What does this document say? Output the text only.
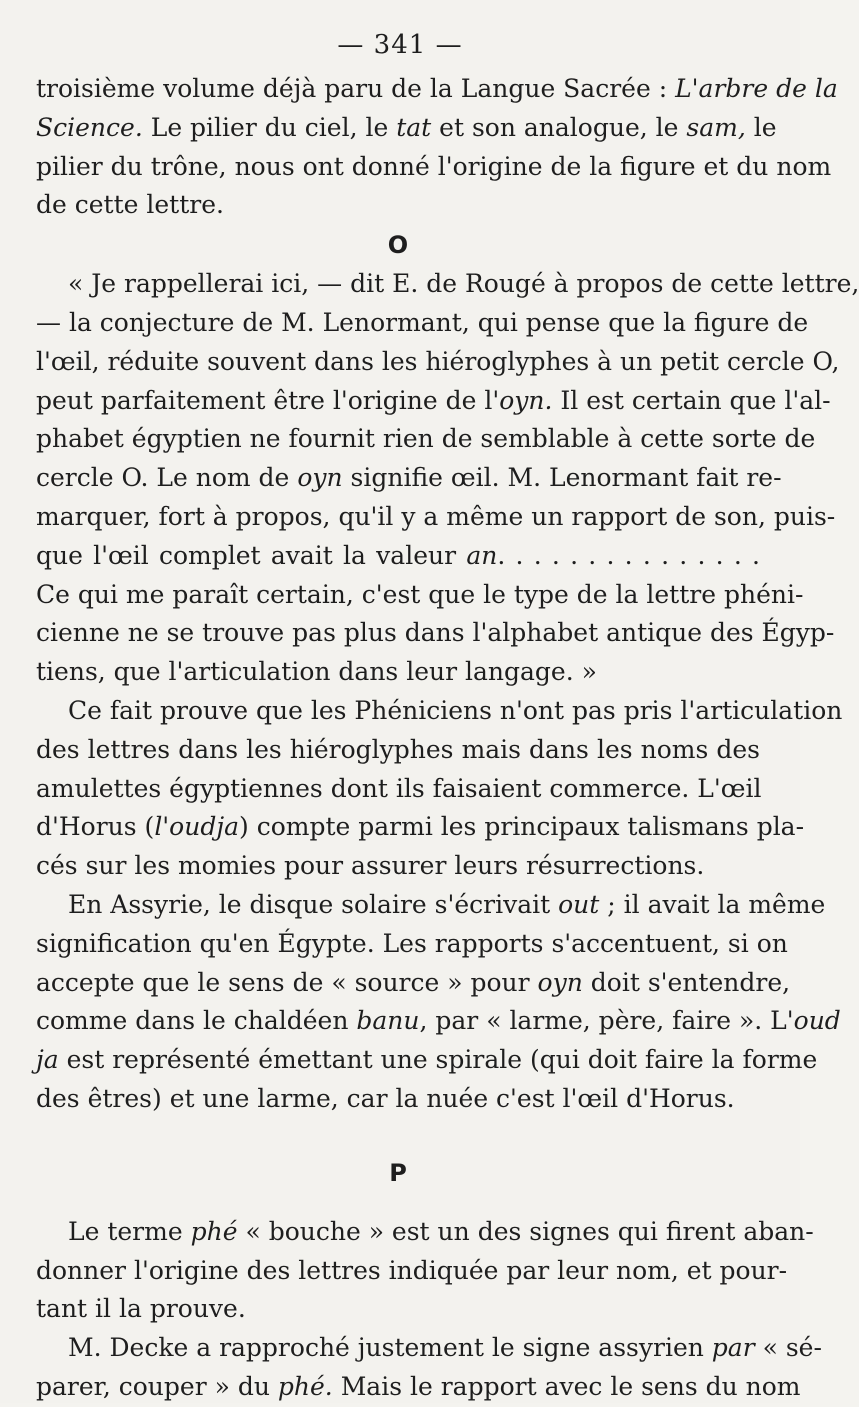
— 341 —
troisième volume déjà paru de la Langue Sacrée : L'arbre de la
Science. Le pilier du ciel, le tat et son analogue, le sam, le
pilier du trône, nous ont donné l'origine de la figure et du nom
de cette lettre.
O
« Je rappellerai ici, — dit E. de Rougé à propos de cette lettre,
— la conjecture de M. Lenormant, qui pense que la figure de
l'œil, réduite souvent dans les hiéroglyphes à un petit cercle O,
peut parfaitement être l'origine de l'oyn. Il est certain que l'al-
phabet égyptien ne fournit rien de semblable à cette sorte de
cercle O. Le nom de oyn signifie œil. M. Lenormant fait re-
marquer, fort à propos, qu'il y a même un rapport de son, puis-
que l'œil complet avait la valeur an. . . . . . . . . . . . . . .
Ce qui me paraît certain, c'est que le type de la lettre phéni-
cienne ne se trouve pas plus dans l'alphabet antique des Égyp-
tiens, que l'articulation dans leur langage. »
Ce fait prouve que les Phéniciens n'ont pas pris l'articulation
des lettres dans les hiéroglyphes mais dans les noms des
amulettes égyptiennes dont ils faisaient commerce. L'œil
d'Horus (l'oudja) compte parmi les principaux talismans pla-
cés sur les momies pour assurer leurs résurrections.
En Assyrie, le disque solaire s'écrivait out ; il avait la même
signification qu'en Égypte. Les rapports s'accentuent, si on
accepte que le sens de « source » pour oyn doit s'entendre,
comme dans le chaldéen banu, par « larme, père, faire ». L'oud
ja est représenté émettant une spirale (qui doit faire la forme
des êtres) et une larme, car la nuée c'est l'œil d'Horus.
P
Le terme phé « bouche » est un des signes qui firent aban-
donner l'origine des lettres indiquée par leur nom, et pour-
tant il la prouve.
M. Decke a rapproché justement le signe assyrien par « sé-
parer, couper » du phé. Mais le rapport avec le sens du nom
